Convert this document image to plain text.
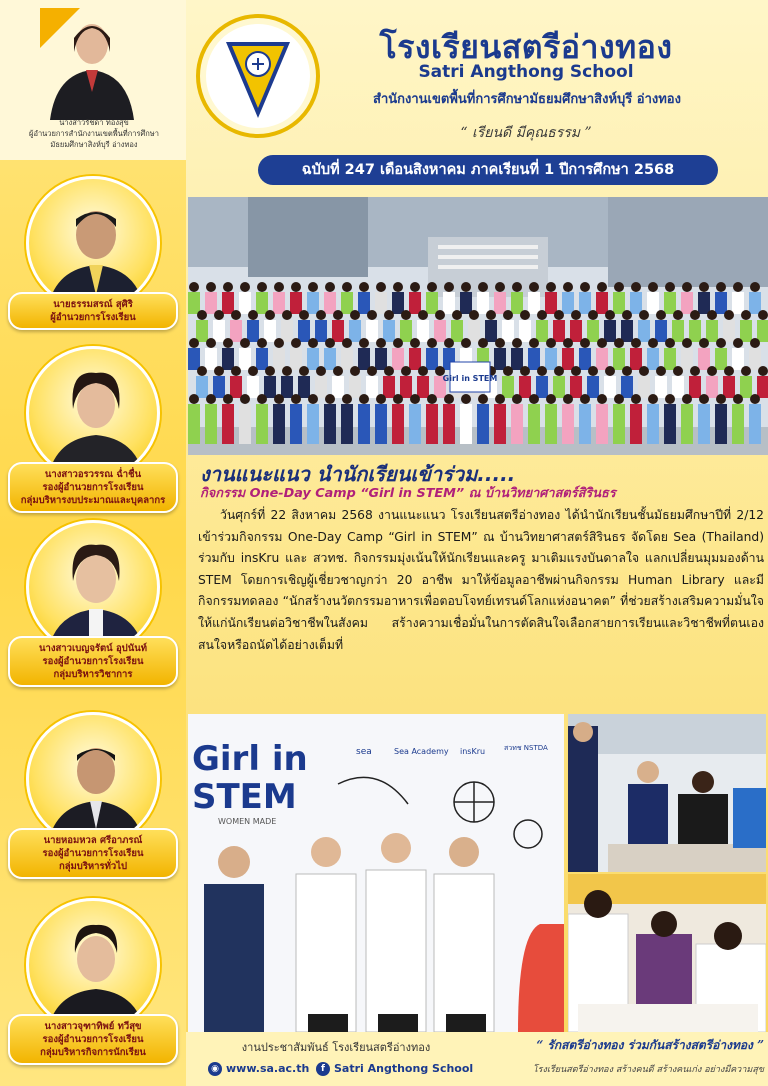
นางสาวรัชดา ทองสุข
ผู้อำนวยการสำนักงานเขตพื้นที่การศึกษา
มัธยมศึกษาสิงห์บุรี อ่างทอง
นายธรรมสรณ์ สุศิริ
ผู้อำนวยการโรงเรียน
นางสาวอรวรรณ ฉ่ำชื่น
รองผู้อำนวยการโรงเรียน
กลุ่มบริหารงบประมาณและบุคลากร
นางสาวเบญจรัตน์ อุปนันท์
รองผู้อำนวยการโรงเรียน
กลุ่มบริหารวิชาการ
นายหอมหวล ศรีอาภรณ์
รองผู้อำนวยการโรงเรียน
กลุ่มบริหารทั่วไป
นางสาวจุฑาทิพย์ ทวีสุข
รองผู้อำนวยการโรงเรียน
กลุ่มบริหารกิจการนักเรียน
โรงเรียนสตรีอ่างทอง
Satri Angthong School
สำนักงานเขตพื้นที่การศึกษามัธยมศึกษาสิงห์บุรี อ่างทอง
“ เรียนดี มีคุณธรรม ”
ฉบับที่ 247 เดือนสิงหาคม ภาคเรียนที่ 1 ปีการศึกษา 2568
Girl in STEM
งานแนะแนว นำนักเรียนเข้าร่วม.....
กิจกรรม One-Day Camp “Girl in STEM” ณ บ้านวิทยาศาสตร์สิรินธร

วันศุกร์ที่ 22 สิงหาคม 2568 งานแนะแนว โรงเรียนสตรีอ่างทอง ได้นำนักเรียนชั้นมัธยมศึกษาปีที่ 2/12 เข้าร่วมกิจกรรม One-Day Camp “Girl in STEM” ณ บ้านวิทยาศาสตร์สิรินธร จัดโดย Sea (Thailand) ร่วมกับ insKru และ สวทช. กิจกรรมมุ่งเน้นให้นักเรียนและครู มาเติมแรงบันดาลใจ แลกเปลี่ยนมุมมองด้าน STEM โดยการเชิญผู้เชี่ยวชาญกว่า 20 อาชีพ มาให้ข้อมูลอาชีพผ่านกิจกรรม Human Library และมีกิจกรรมทดลอง “นักสร้างนวัตกรรมอาหารเพื่อตอบโจทย์เทรนด์โลกแห่งอนาคต” ที่ช่วยสร้างเสริมความมั่นใจให้แก่นักเรียนต่อวิชาชีพในสังคม สร้างความเชื่อมั่นในการตัดสินใจเลือกสายการเรียนและวิชาชีพที่ตนเองสนใจหรือถนัดได้อย่างเต็มที่

Girl in
STEM
WOMEN MADE
sea	Sea Academy insKru	สวทช NSTDA
งานประชาสัมพันธ์ โรงเรียนสตรีอ่างทอง
◉ www.sa.ac.th	f Satri Angthong School
“ รักสตรีอ่างทอง ร่วมกันสร้างสตรีอ่างทอง ”
โรงเรียนสตรีอ่างทอง สร้างคนดี สร้างคนเก่ง อย่างมีความสุข
